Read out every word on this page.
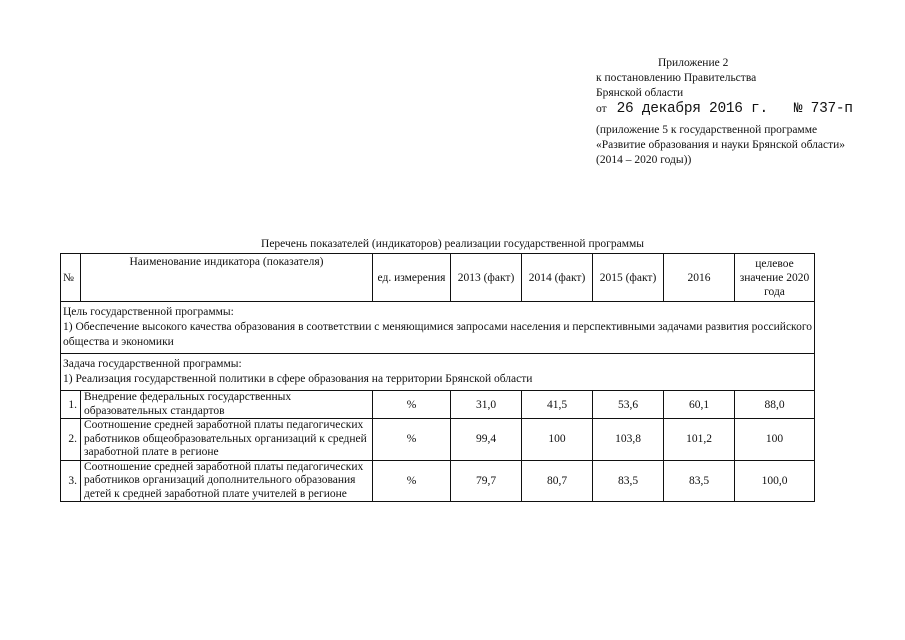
Приложение 2
к постановлению Правительства
Брянской области
от 26 декабря 2016 г. № 737-п
(приложение 5 к государственной программе
«Развитие образования и науки Брянской области»
(2014 – 2020 годы))
Перечень показателей (индикаторов) реализации государственной программы
№	Наименование индикатора (показателя)	ед. измерения	2013 (факт)	2014 (факт)	2015 (факт)	2016	целевое значение 2020 года

Цель государственной программы:
1) Обеспечение высокого качества образования в соответствии с меняющимися запросами населения и перспективными задачами развития российского общества и экономики							

Задача государственной программы:
1) Реализация государственной политики в сфере образования на территории Брянской области							

1.	Внедрение федеральных государственных образовательных стандартов	%	31,0	41,5	53,6	60,1	88,0
2.	Соотношение средней заработной платы педагогических работников общеобразовательных организаций к средней заработной плате в регионе	%	99,4	100	103,8	101,2	100
3.	Соотношение средней заработной платы педагогических работников организаций дополнительного образования детей к средней заработной плате учителей в регионе	%	79,7	80,7	83,5	83,5	100,0
